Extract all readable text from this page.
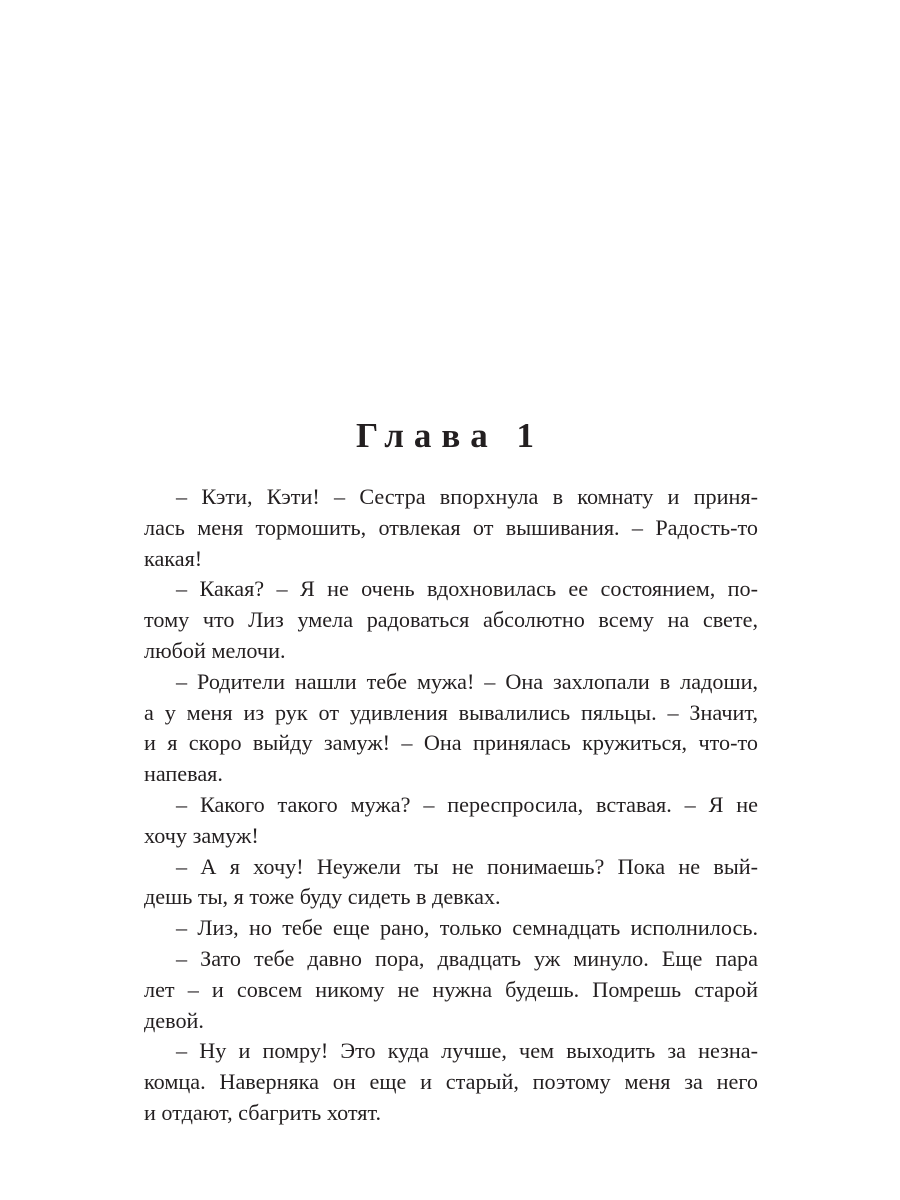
Глава 1
– Кэти, Кэти! – Сестра впорхнула в комнату и приня-
лась меня тормошить, отвлекая от вышивания. – Радость-то
какая!
– Какая? – Я не очень вдохновилась ее состоянием, по-
тому что Лиз умела радоваться абсолютно всему на свете,
любой мелочи.
– Родители нашли тебе мужа! – Она захлопали в ладоши,
а у меня из рук от удивления вывалились пяльцы. – Значит,
и я скоро выйду замуж! – Она принялась кружиться, что-то
напевая.
– Какого такого мужа? – переспросила, вставая. – Я не
хочу замуж!
– А я хочу! Неужели ты не понимаешь? Пока не вый-
дешь ты, я тоже буду сидеть в девках.
– Лиз, но тебе еще рано, только семнадцать исполнилось.
– Зато тебе давно пора, двадцать уж минуло. Еще пара
лет – и совсем никому не нужна будешь. Помрешь старой
девой.
– Ну и помру! Это куда лучше, чем выходить за незна-
комца. Наверняка он еще и старый, поэтому меня за него
и отдают, сбагрить хотят.
